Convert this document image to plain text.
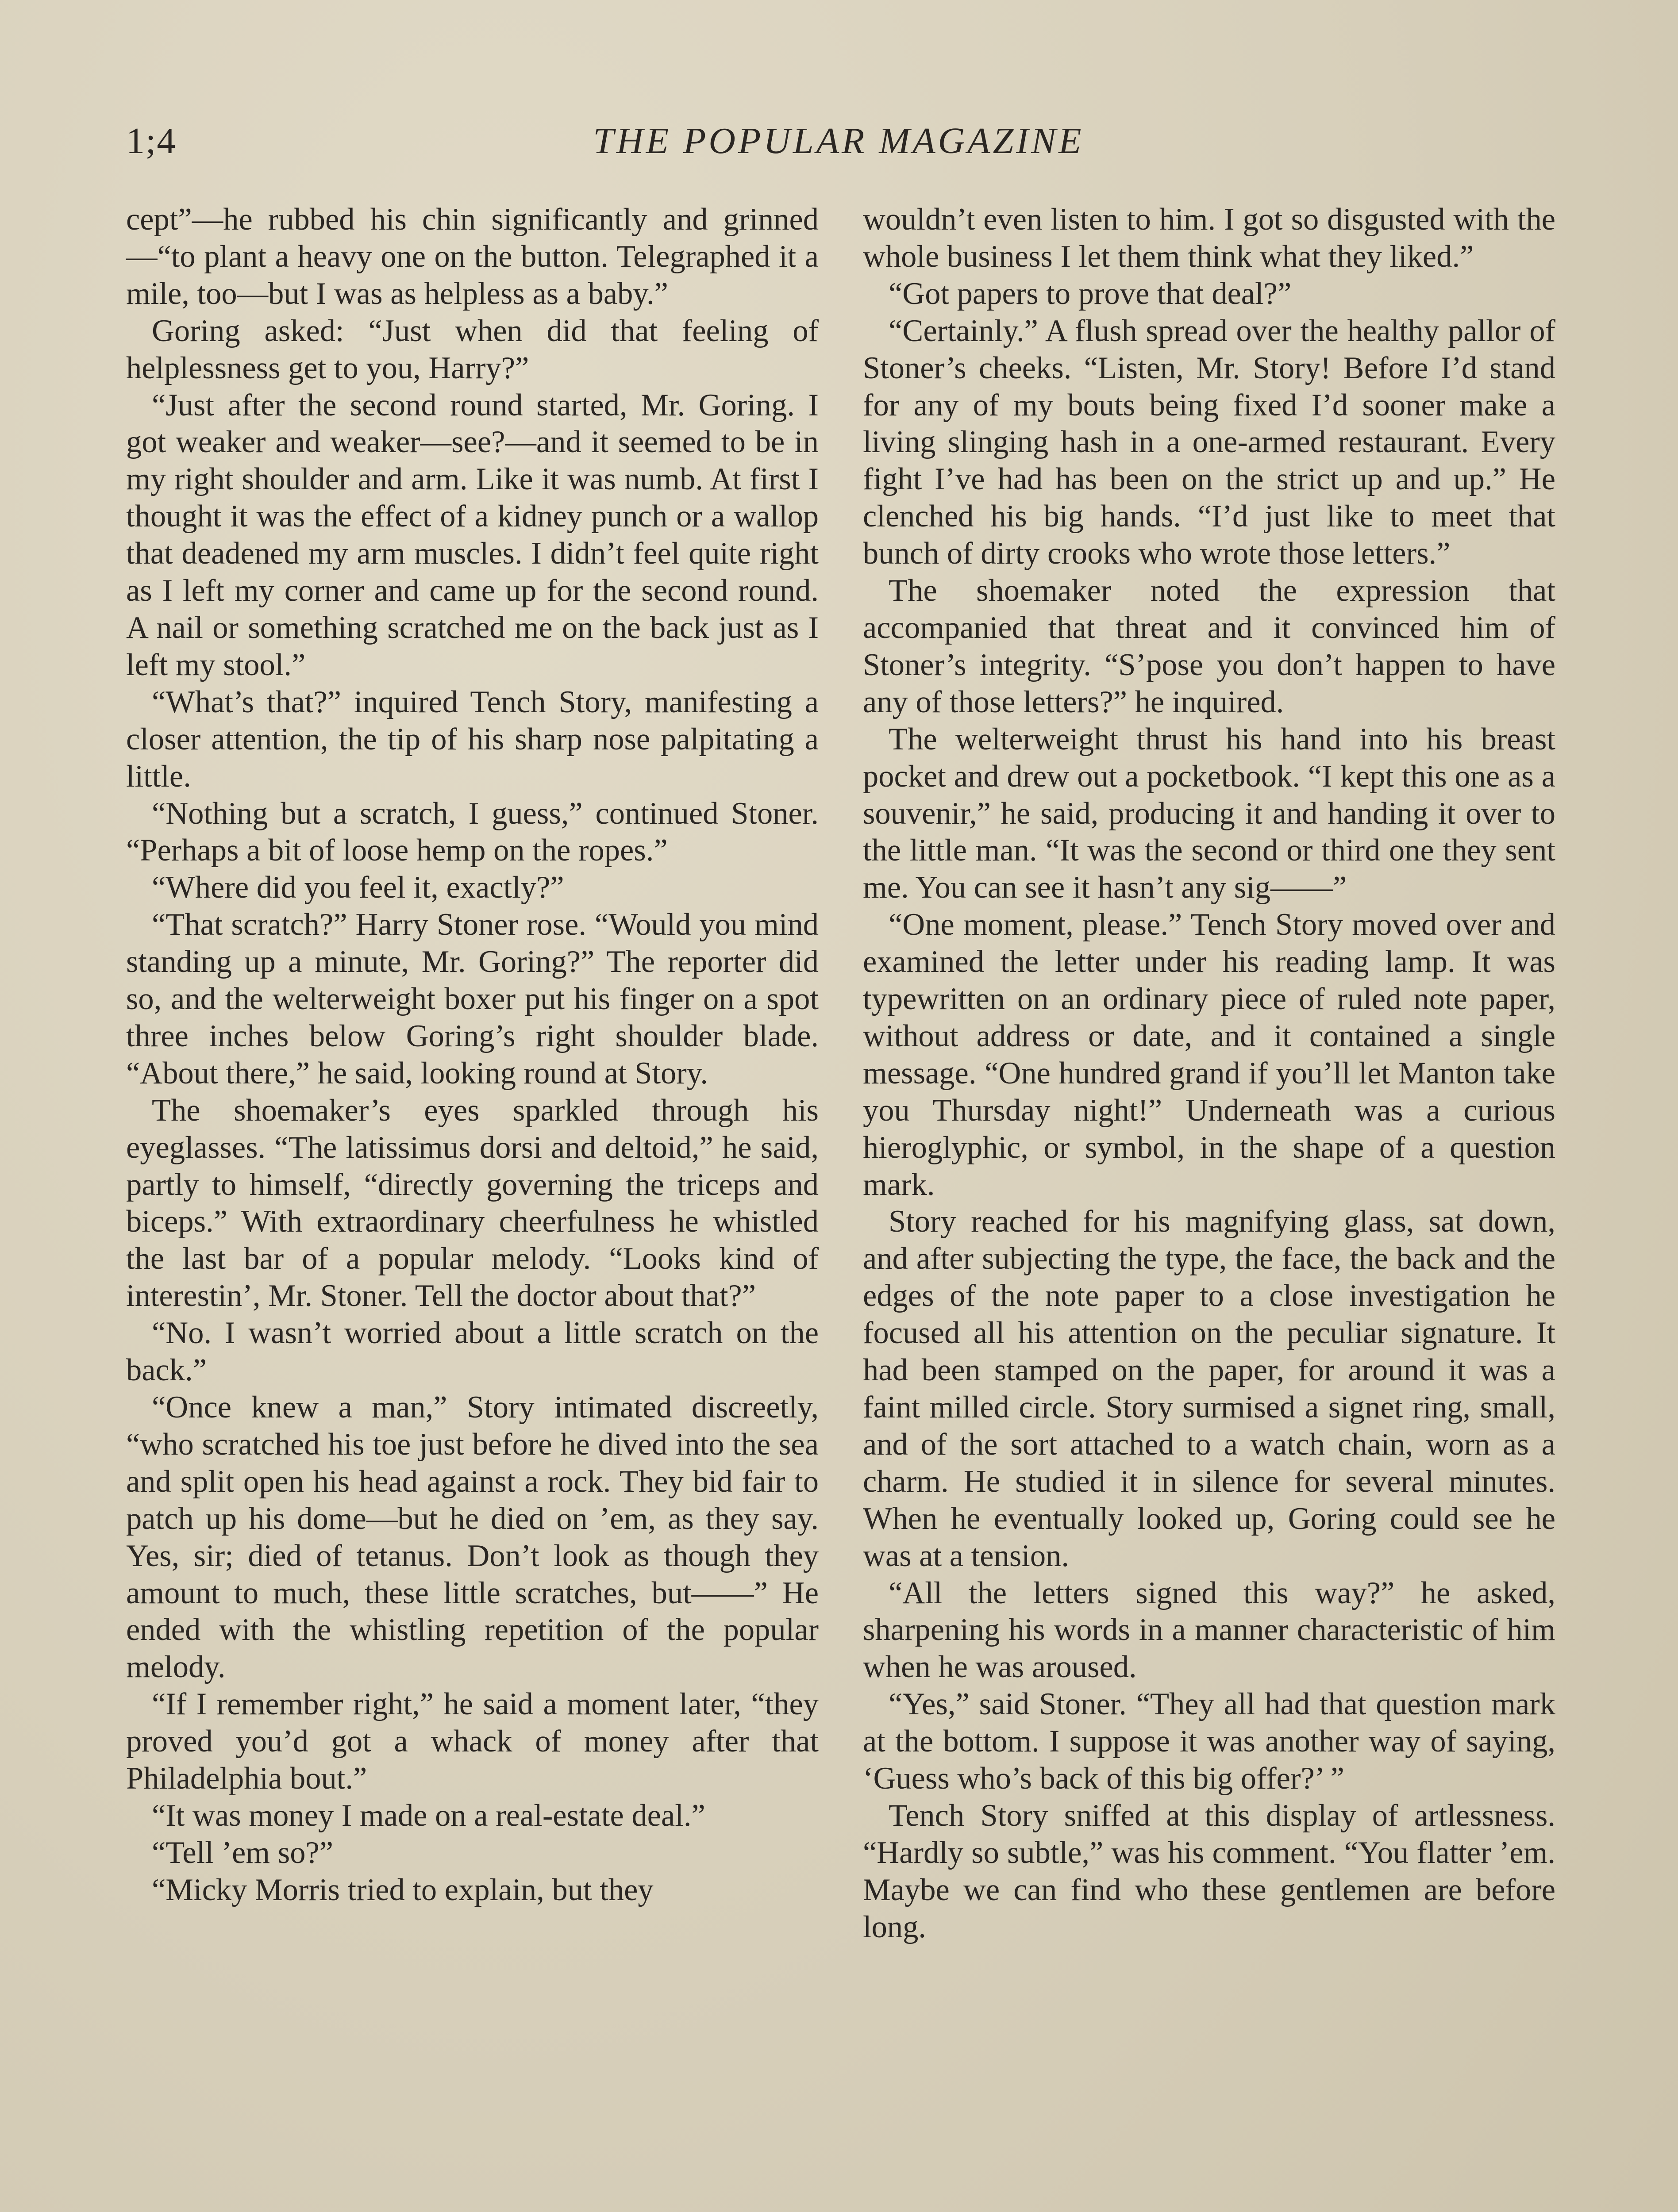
1;4	THE POPULAR MAGAZINE

cept”—he rubbed his chin significantly and grinned—“to plant a heavy one on the button. Telegraphed it a mile, too—but I was as helpless as a baby.”

Goring asked: “Just when did that feeling of helplessness get to you, Harry?”

“Just after the second round started, Mr. Goring. I got weaker and weaker—see?—and it seemed to be in my right shoulder and arm. Like it was numb. At first I thought it was the effect of a kidney punch or a wallop that deadened my arm muscles. I didn’t feel quite right as I left my corner and came up for the second round. A nail or something scratched me on the back just as I left my stool.”

“What’s that?” inquired Tench Story, manifesting a closer attention, the tip of his sharp nose palpitating a little.

“Nothing but a scratch, I guess,” continued Stoner. “Perhaps a bit of loose hemp on the ropes.”

“Where did you feel it, exactly?”

“That scratch?” Harry Stoner rose. “Would you mind standing up a minute, Mr. Goring?” The reporter did so, and the welterweight boxer put his finger on a spot three inches below Goring’s right shoulder blade. “About there,” he said, looking round at Story.

The shoemaker’s eyes sparkled through his eyeglasses. “The latissimus dorsi and deltoid,” he said, partly to himself, “directly governing the triceps and biceps.” With extraordinary cheerfulness he whistled the last bar of a popular melody. “Looks kind of interestin’, Mr. Stoner. Tell the doctor about that?”

“No. I wasn’t worried about a little scratch on the back.”

“Once knew a man,” Story intimated discreetly, “who scratched his toe just before he dived into the sea and split open his head against a rock. They bid fair to patch up his dome—but he died on ’em, as they say. Yes, sir; died of tetanus. Don’t look as though they amount to much, these little scratches, but——” He ended with the whistling repetition of the popular melody.

“If I remember right,” he said a moment later, “they proved you’d got a whack of money after that Philadelphia bout.”

“It was money I made on a real-estate deal.”

“Tell ’em so?”

“Micky Morris tried to explain, but they

wouldn’t even listen to him. I got so disgusted with the whole business I let them think what they liked.”

“Got papers to prove that deal?”

“Certainly.” A flush spread over the healthy pallor of Stoner’s cheeks. “Listen, Mr. Story! Before I’d stand for any of my bouts being fixed I’d sooner make a living slinging hash in a one-armed restaurant. Every fight I’ve had has been on the strict up and up.” He clenched his big hands. “I’d just like to meet that bunch of dirty crooks who wrote those letters.”

The shoemaker noted the expression that accompanied that threat and it convinced him of Stoner’s integrity. “S’pose you don’t happen to have any of those letters?” he inquired.

The welterweight thrust his hand into his breast pocket and drew out a pocketbook. “I kept this one as a souvenir,” he said, producing it and handing it over to the little man. “It was the second or third one they sent me. You can see it hasn’t any sig——”

“One moment, please.” Tench Story moved over and examined the letter under his reading lamp. It was typewritten on an ordinary piece of ruled note paper, without address or date, and it contained a single message. “One hundred grand if you’ll let Manton take you Thursday night!” Underneath was a curious hieroglyphic, or symbol, in the shape of a question mark.

Story reached for his magnifying glass, sat down, and after subjecting the type, the face, the back and the edges of the note paper to a close investigation he focused all his attention on the peculiar signature. It had been stamped on the paper, for around it was a faint milled circle. Story surmised a signet ring, small, and of the sort attached to a watch chain, worn as a charm. He studied it in silence for several minutes. When he eventually looked up, Goring could see he was at a tension.

“All the letters signed this way?” he asked, sharpening his words in a manner characteristic of him when he was aroused.

“Yes,” said Stoner. “They all had that question mark at the bottom. I suppose it was another way of saying, ‘Guess who’s back of this big offer?’ ”

Tench Story sniffed at this display of artlessness. “Hardly so subtle,” was his comment. “You flatter ’em. Maybe we can find who these gentlemen are before long.
